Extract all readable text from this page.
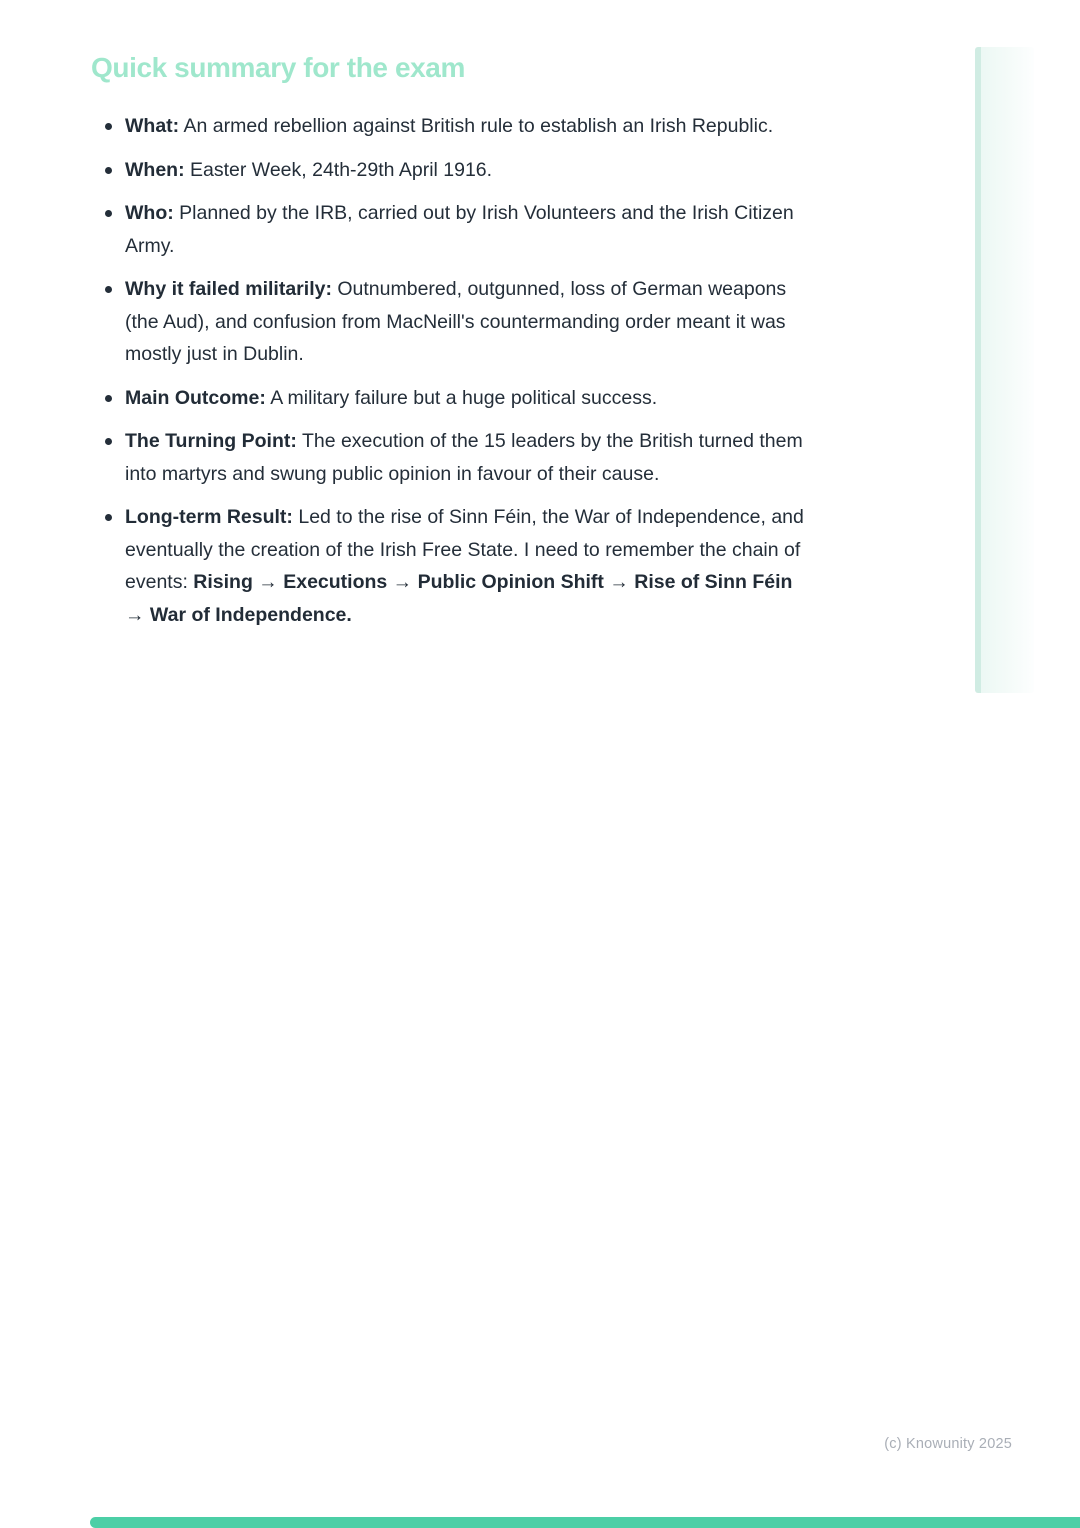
Quick summary for the exam
What: An armed rebellion against British rule to establish an Irish Republic.
When: Easter Week, 24th-29th April 1916.
Who: Planned by the IRB, carried out by Irish Volunteers and the Irish Citizen Army.
Why it failed militarily: Outnumbered, outgunned, loss of German weapons (the Aud), and confusion from MacNeill's countermanding order meant it was mostly just in Dublin.
Main Outcome: A military failure but a huge political success.
The Turning Point: The execution of the 15 leaders by the British turned them into martyrs and swung public opinion in favour of their cause.
Long-term Result: Led to the rise of Sinn Féin, the War of Independence, and eventually the creation of the Irish Free State. I need to remember the chain of events: Rising → Executions → Public Opinion Shift → Rise of Sinn Féin → War of Independence.
(c) Knowunity 2025
